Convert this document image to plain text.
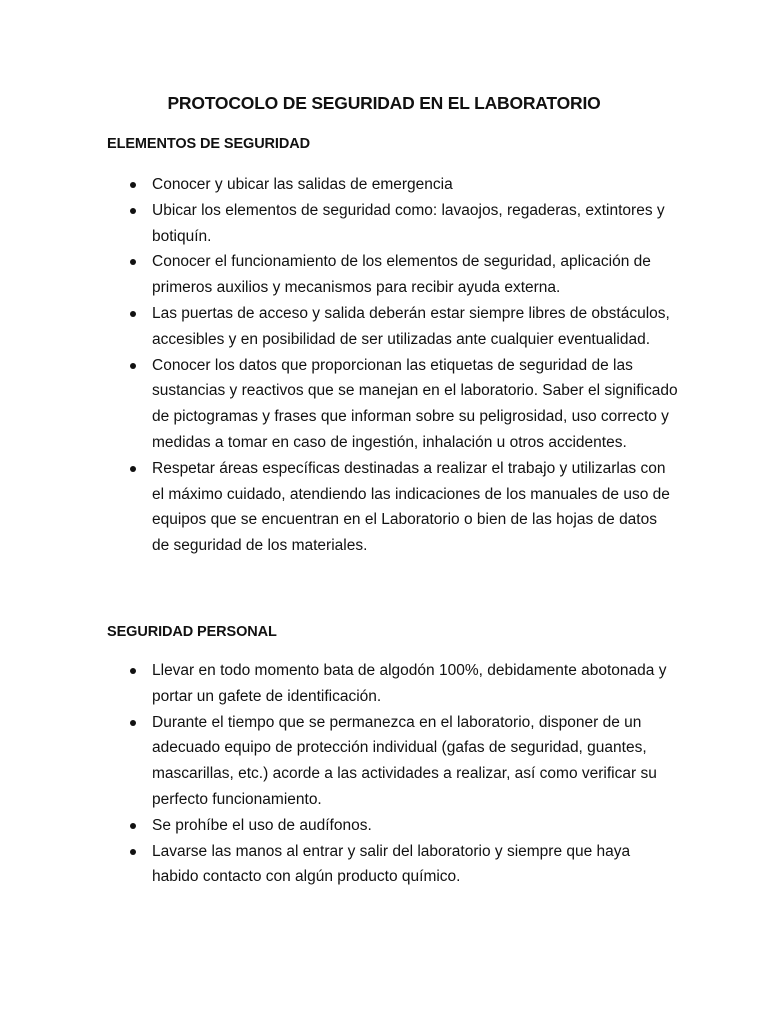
PROTOCOLO DE SEGURIDAD EN EL LABORATORIO
ELEMENTOS DE SEGURIDAD
Conocer y ubicar las salidas de emergencia
Ubicar los elementos de seguridad como: lavaojos, regaderas, extintores y botiquín.
Conocer el funcionamiento de los elementos de seguridad, aplicación de primeros auxilios y mecanismos para recibir ayuda externa.
Las puertas de acceso y salida deberán estar siempre libres de obstáculos, accesibles y en posibilidad de ser utilizadas ante cualquier eventualidad.
Conocer los datos que proporcionan las etiquetas de seguridad de las sustancias y reactivos que se manejan en el laboratorio. Saber el significado de pictogramas y frases que informan sobre su peligrosidad, uso correcto y medidas a tomar en caso de ingestión, inhalación u otros accidentes.
Respetar áreas específicas destinadas a realizar el trabajo y utilizarlas con el máximo cuidado, atendiendo las indicaciones de los manuales de uso de equipos que se encuentran en el Laboratorio o bien de las hojas de datos de seguridad de los materiales.
SEGURIDAD PERSONAL
Llevar en todo momento bata de algodón 100%, debidamente abotonada y portar un gafete de identificación.
Durante el tiempo que se permanezca en el laboratorio, disponer de un adecuado equipo de protección individual (gafas de seguridad, guantes, mascarillas, etc.) acorde a las actividades a realizar, así como verificar su perfecto funcionamiento.
Se prohíbe el uso de audífonos.
Lavarse las manos al entrar y salir del laboratorio y siempre que haya habido contacto con algún producto químico.
